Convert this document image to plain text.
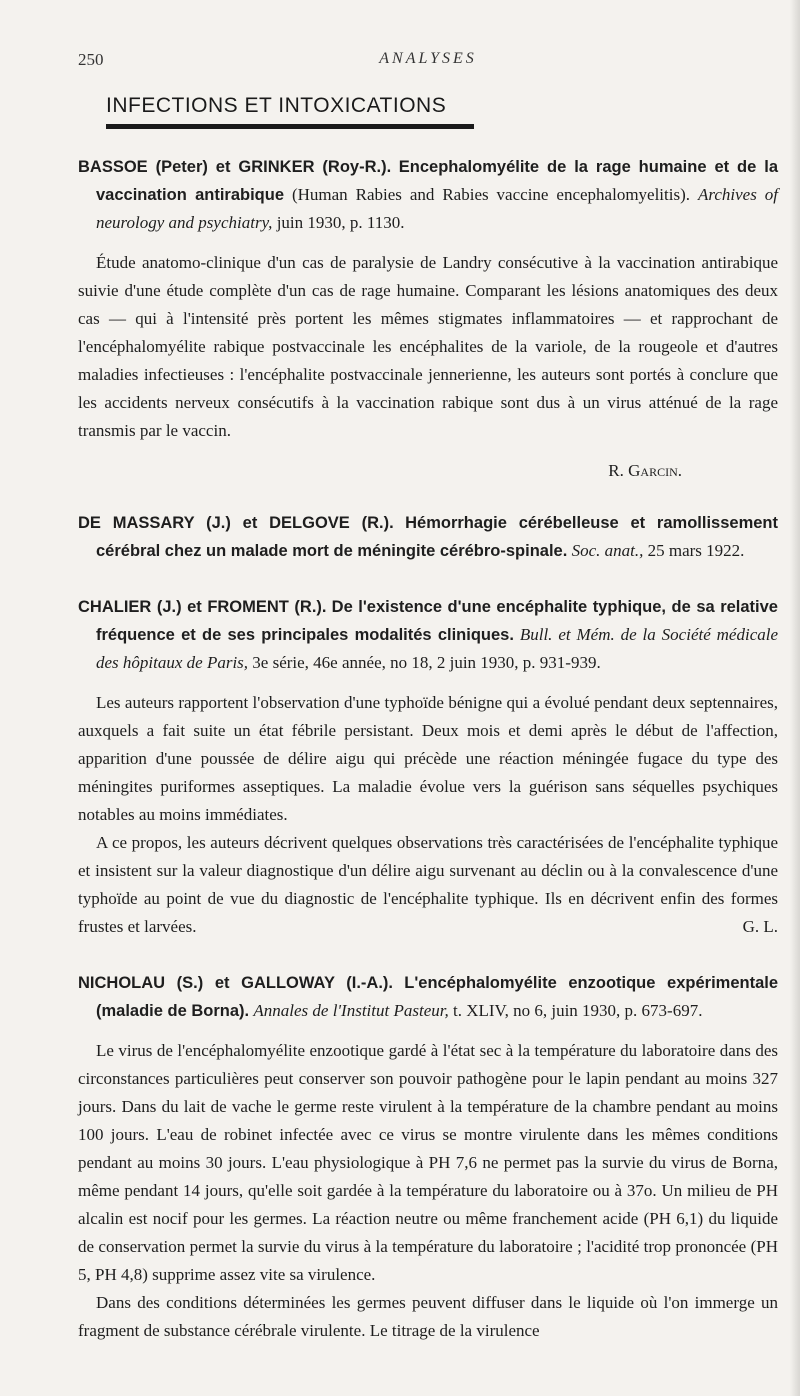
250	ANALYSES
INFECTIONS ET INTOXICATIONS
BASSOE (Peter) et GRINKER (Roy-R.). Encephalomyélite de la rage humaine et de la vaccination antirabique (Human Rabies and Rabies vaccine encephalomyelitis). Archives of neurology and psychiatry, juin 1930, p. 1130.

Étude anatomo-clinique d'un cas de paralysie de Landry consécutive à la vaccination antirabique suivie d'une étude complète d'un cas de rage humaine. Comparant les lésions anatomiques des deux cas — qui à l'intensité près portent les mêmes stigmates inflammatoires — et rapprochant de l'encéphalomyélite rabique postvaccinale les encéphalites de la variole, de la rougeole et d'autres maladies infectieuses : l'encéphalite postvaccinale jennerienne, les auteurs sont portés à conclure que les accidents nerveux consécutifs à la vaccination rabique sont dus à un virus atténué de la rage transmis par le vaccin.

R. Garcin.
DE MASSARY (J.) et DELGOVE (R.). Hémorrhagie cérébelleuse et ramollissement cérébral chez un malade mort de méningite cérébro-spinale. Soc. anat., 25 mars 1922.
CHALIER (J.) et FROMENT (R.). De l'existence d'une encéphalite typhique, de sa relative fréquence et de ses principales modalités cliniques. Bull. et Mém. de la Société médicale des hôpitaux de Paris, 3e série, 46e année, no 18, 2 juin 1930, p. 931-939.

Les auteurs rapportent l'observation d'une typhoïde bénigne qui a évolué pendant deux septennaires, auxquels a fait suite un état fébrile persistant. Deux mois et demi après le début de l'affection, apparition d'une poussée de délire aigu qui précède une réaction méningée fugace du type des méningites puriformes asseptiques. La maladie évolue vers la guérison sans séquelles psychiques notables au moins immédiates.

A ce propos, les auteurs décrivent quelques observations très caractérisées de l'encéphalite typhique et insistent sur la valeur diagnostique d'un délire aigu survenant au déclin ou à la convalescence d'une typhoïde au point de vue du diagnostic de l'encéphalite typhique. Ils en décrivent enfin des formes frustes et larvées.	G. L.

NICHOLAU (S.) et GALLOWAY (I.-A.). L'encéphalomyélite enzootique expérimentale (maladie de Borna). Annales de l'Institut Pasteur, t. XLIV, no 6, juin 1930, p. 673-697.

Le virus de l'encéphalomyélite enzootique gardé à l'état sec à la température du laboratoire dans des circonstances particulières peut conserver son pouvoir pathogène pour le lapin pendant au moins 327 jours. Dans du lait de vache le germe reste virulent à la température de la chambre pendant au moins 100 jours. L'eau de robinet infectée avec ce virus se montre virulente dans les mêmes conditions pendant au moins 30 jours. L'eau physiologique à PH 7,6 ne permet pas la survie du virus de Borna, même pendant 14 jours, qu'elle soit gardée à la température du laboratoire ou à 37o. Un milieu de PH alcalin est nocif pour les germes. La réaction neutre ou même franchement acide (PH 6,1) du liquide de conservation permet la survie du virus à la température du laboratoire ; l'acidité trop prononcée (PH 5, PH 4,8) supprime assez vite sa virulence.

Dans des conditions déterminées les germes peuvent diffuser dans le liquide où l'on immerge un fragment de substance cérébrale virulente. Le titrage de la virulence
